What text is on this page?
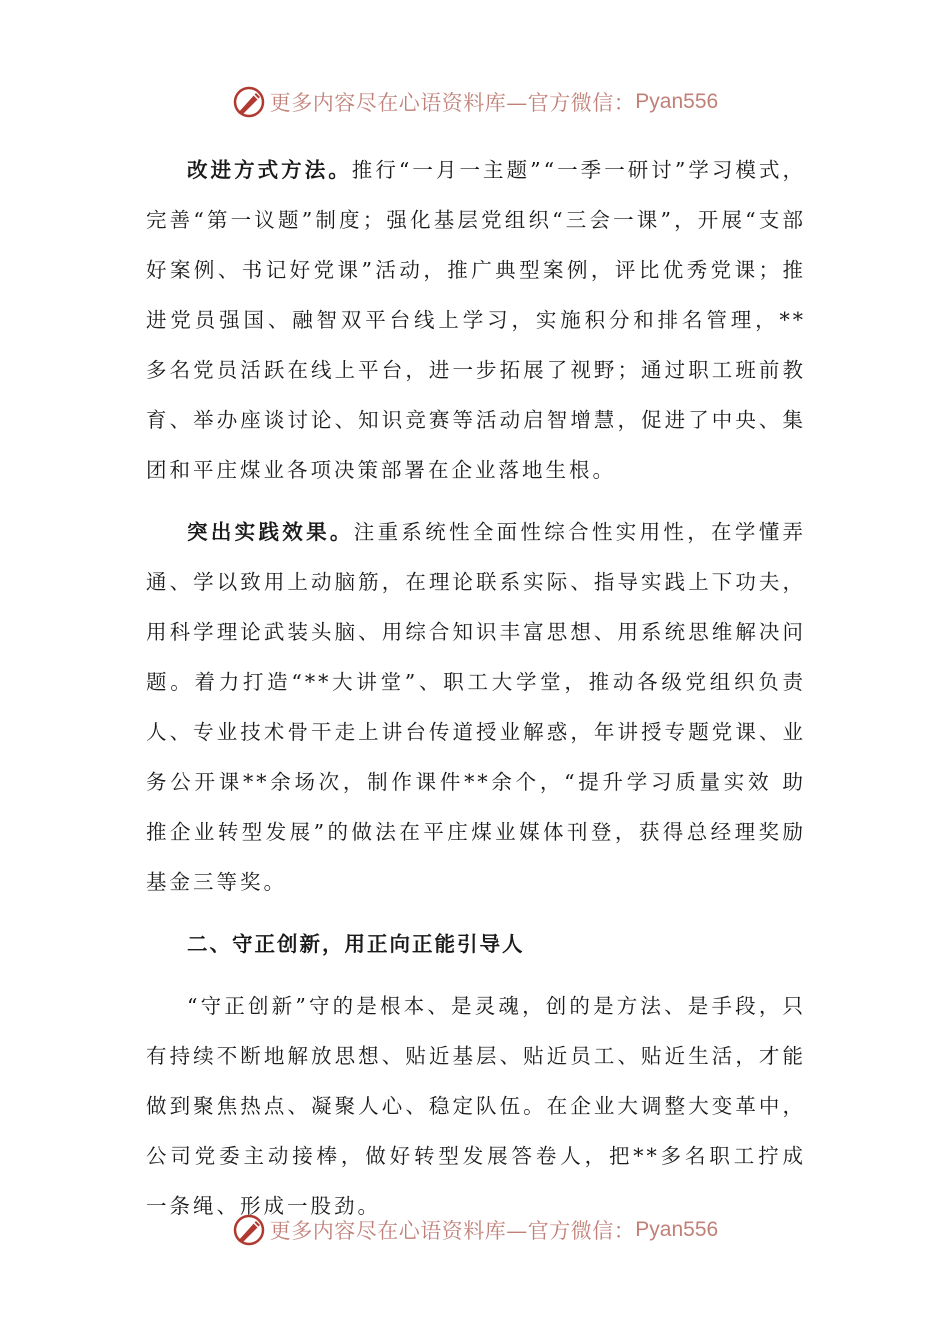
更多内容尽在心语资料库—官方微信： Pyan556

改进方式方法。推行“一月一主题”“一季一研讨”学习模式，完善“第一议题”制度；强化基层党组织“三会一课”，开展“支部好案例、书记好党课”活动，推广典型案例，评比优秀党课；推进党员强国、融智双平台线上学习，实施积分和排名管理，**多名党员活跃在线上平台，进一步拓展了视野；通过职工班前教育、举办座谈讨论、知识竞赛等活动启智增慧，促进了中央、集团和平庄煤业各项决策部署在企业落地生根。

突出实践效果。注重系统性全面性综合性实用性，在学懂弄通、学以致用上动脑筋，在理论联系实际、指导实践上下功夫，用科学理论武装头脑、用综合知识丰富思想、用系统思维解决问题。着力打造“**大讲堂”、职工大学堂，推动各级党组织负责人、专业技术骨干走上讲台传道授业解惑，年讲授专题党课、业务公开课**余场次，制作课件**余个，“提升学习质量实效 助推企业转型发展”的做法在平庄煤业媒体刊登，获得总经理奖励基金三等奖。

二、守正创新，用正向正能引导人

“守正创新”守的是根本、是灵魂，创的是方法、是手段，只有持续不断地解放思想、贴近基层、贴近员工、贴近生活，才能做到聚焦热点、凝聚人心、稳定队伍。在企业大调整大变革中，公司党委主动接棒，做好转型发展答卷人，把**多名职工拧成一条绳、形成一股劲。

更多内容尽在心语资料库—官方微信： Pyan556
